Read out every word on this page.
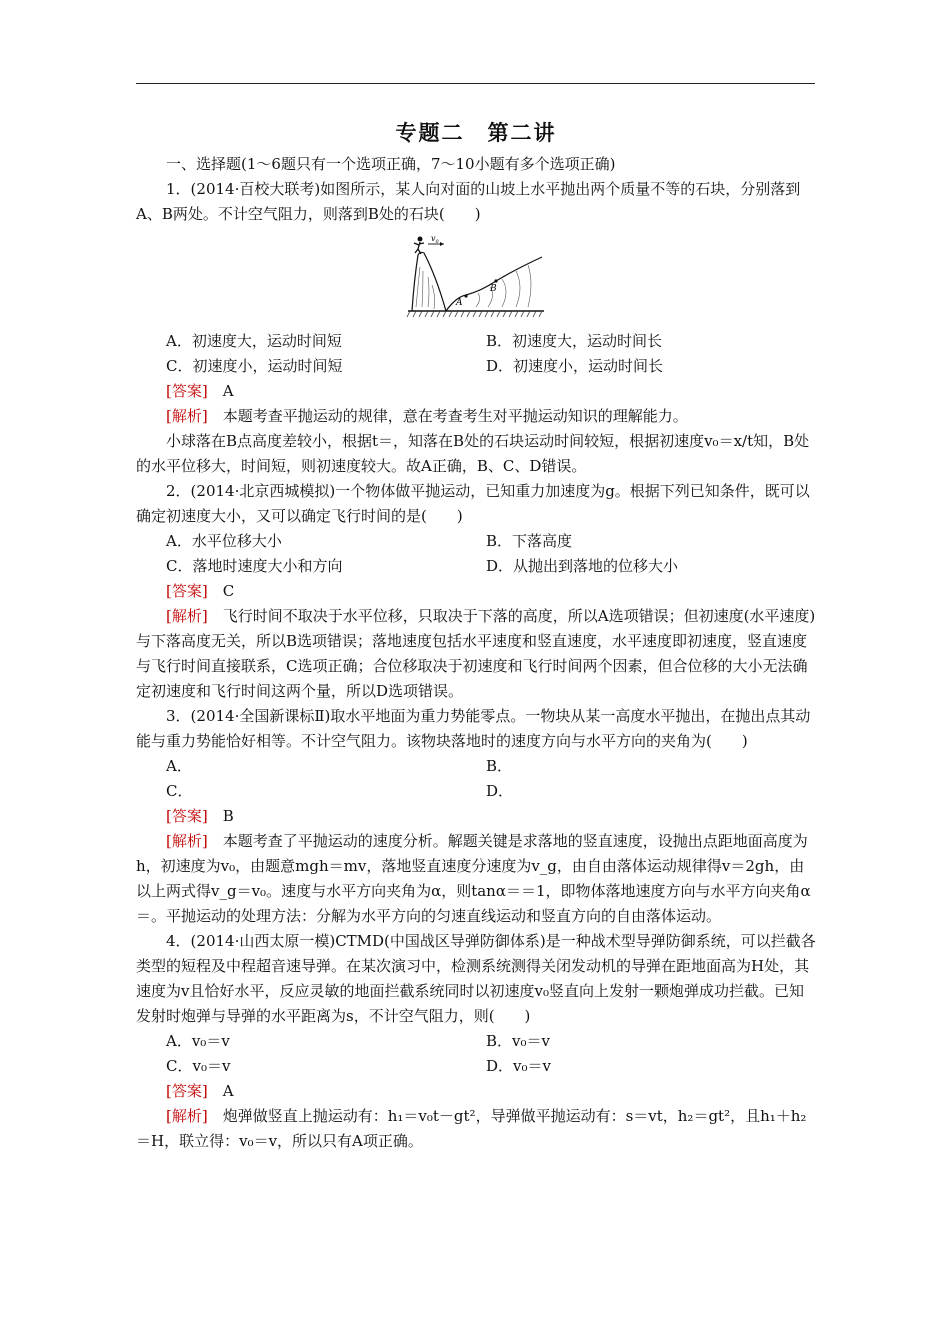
专题二　第二讲

一、选择题(1～6题只有一个选项正确，7～10小题有多个选项正确)

1．(2014·百校大联考)如图所示，某人向对面的山坡上水平抛出两个质量不等的石块，分别落到A、B两处。不计空气阻力，则落到B处的石块(　　)

$v_0$
A
B
A．初速度大，运动时间短	B．初速度大，运动时间长
C．初速度小，运动时间短	D．初速度小，运动时间长

[答案]　 A

[解析]　 本题考查平抛运动的规律，意在考查考生对平抛运动知识的理解能力。

小球落在B点高度差较小，根据t＝，知落在B处的石块运动时间较短，根据初速度v₀＝x/t知，B处的水平位移大，时间短，则初速度较大。故A正确，B、C、D错误。

2．(2014·北京西城模拟)一个物体做平抛运动，已知重力加速度为g。根据下列已知条件，既可以确定初速度大小，又可以确定飞行时间的是(　　)

A．水平位移大小	B．下落高度
C．落地时速度大小和方向	D．从抛出到落地的位移大小

[答案]　 C

[解析]　 飞行时间不取决于水平位移，只取决于下落的高度，所以A选项错误；但初速度(水平速度)与下落高度无关，所以B选项错误；落地速度包括水平速度和竖直速度，水平速度即初速度，竖直速度与飞行时间直接联系，C选项正确；合位移取决于初速度和飞行时间两个因素，但合位移的大小无法确定初速度和飞行时间这两个量，所以D选项错误。

3．(2014·全国新课标Ⅱ)取水平地面为重力势能零点。一物块从某一高度水平抛出，在抛出点其动能与重力势能恰好相等。不计空气阻力。该物块落地时的速度方向与水平方向的夹角为(　　)

A．	B．
C．	D．

[答案]　 B

[解析]　 本题考查了平抛运动的速度分析。解题关键是求落地的竖直速度，设抛出点距地面高度为h，初速度为v₀，由题意mgh＝mv，落地竖直速度分速度为v_g，由自由落体运动规律得v＝2gh，由以上两式得v_g＝v₀。速度与水平方向夹角为α，则tanα＝＝1，即物体落地速度方向与水平方向夹角α＝。平抛运动的处理方法：分解为水平方向的匀速直线运动和竖直方向的自由落体运动。

4．(2014·山西太原一模)CTMD(中国战区导弹防御体系)是一种战术型导弹防御系统，可以拦截各类型的短程及中程超音速导弹。在某次演习中，检测系统测得关闭发动机的导弹在距地面高为H处，其速度为v且恰好水平，反应灵敏的地面拦截系统同时以初速度v₀竖直向上发射一颗炮弹成功拦截。已知发射时炮弹与导弹的水平距离为s，不计空气阻力，则(　　)

A．v₀＝v	B．v₀＝v
C．v₀＝v	D．v₀＝v

[答案]　 A

[解析]　 炮弹做竖直上抛运动有：h₁＝v₀t－gt²，导弹做平抛运动有：s＝vt，h₂＝gt²，且h₁＋h₂＝H，联立得：v₀＝v，所以只有A项正确。
